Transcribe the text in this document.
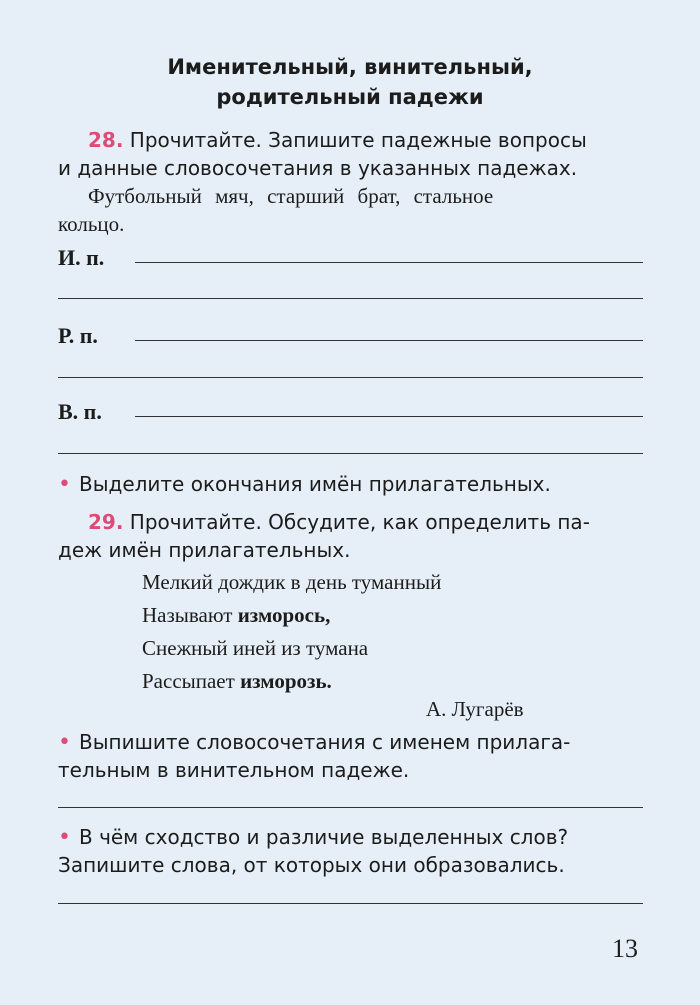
Именительный, винительный,
родительный падежи
28. Прочитайте. Запишите падежные вопросы
и данные словосочетания в указанных падежах.
Футбольный мяч, старший брат, стальное
кольцо.
И. п.
Р. п.
В. п.
• Выделите окончания имён прилагательных.
29. Прочитайте. Обсудите, как определить па-
деж имён прилагательных.
Мелкий дождик в день туманный
Называют изморось,
Снежный иней из тумана
Рассыпает изморозь.
А. Лугарёв
• Выпишите словосочетания с именем прилага-
тельным в винительном падеже.
• В чём сходство и различие выделенных слов?
Запишите слова, от которых они образовались.
13
